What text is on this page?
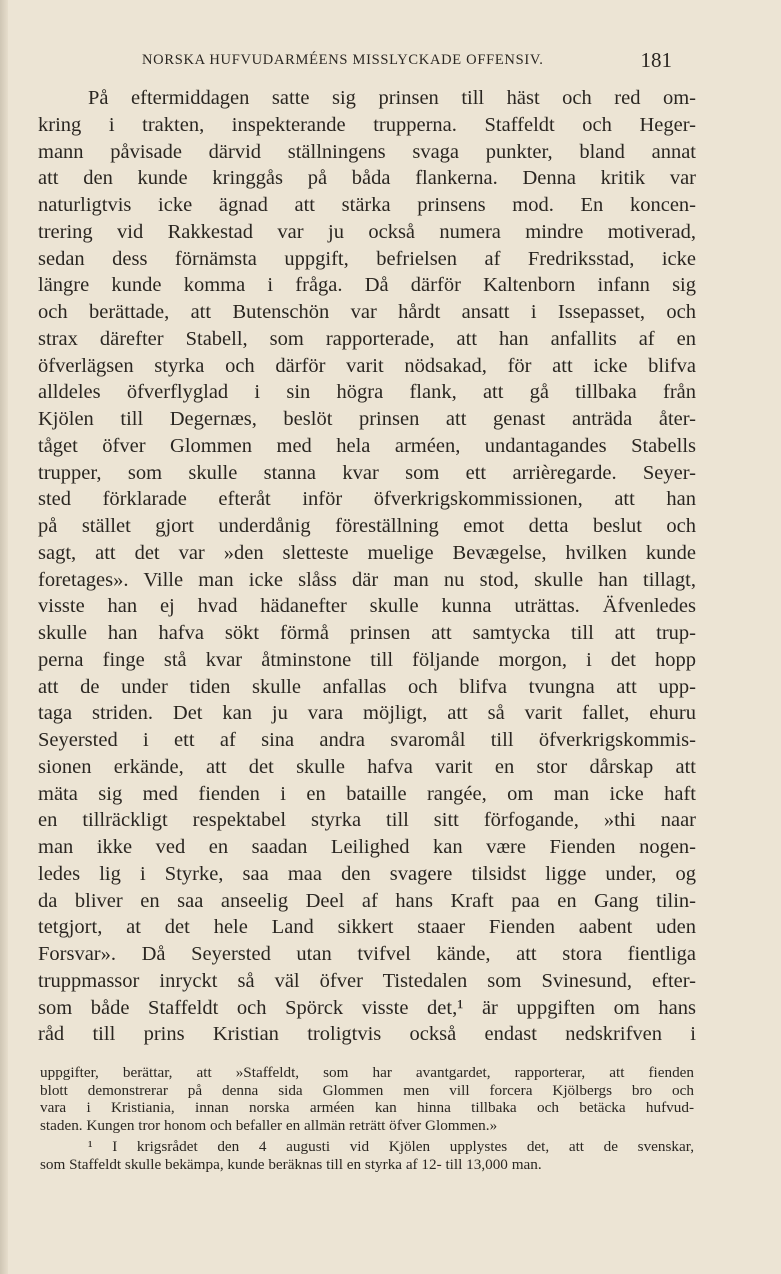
NORSKA HUFVUDARMÉENS MISSLYCKADE OFFENSIV.	181
På eftermiddagen satte sig prinsen till häst och red om-
kring i trakten, inspekterande trupperna. Staffeldt och Heger-
mann påvisade därvid ställningens svaga punkter, bland annat
att den kunde kringgås på båda flankerna. Denna kritik var
naturligtvis icke ägnad att stärka prinsens mod. En koncen-
trering vid Rakkestad var ju också numera mindre motiverad,
sedan dess förnämsta uppgift, befrielsen af Fredriksstad, icke
längre kunde komma i fråga. Då därför Kaltenborn infann sig
och berättade, att Butenschön var hårdt ansatt i Issepasset, och
strax därefter Stabell, som rapporterade, att han anfallits af en
öfverlägsen styrka och därför varit nödsakad, för att icke blifva
alldeles öfverflyglad i sin högra flank, att gå tillbaka från
Kjölen till Degernæs, beslöt prinsen att genast anträda åter-
tåget öfver Glommen med hela arméen, undantagandes Stabells
trupper, som skulle stanna kvar som ett arrièregarde. Seyer-
sted förklarade efteråt inför öfverkrigskommissionen, att han
på stället gjort underdånig föreställning emot detta beslut och
sagt, att det var »den sletteste muelige Bevægelse, hvilken kunde
foretages». Ville man icke slåss där man nu stod, skulle han tillagt,
visste han ej hvad hädanefter skulle kunna uträttas. Äfvenledes
skulle han hafva sökt förmå prinsen att samtycka till att trup-
perna finge stå kvar åtminstone till följande morgon, i det hopp
att de under tiden skulle anfallas och blifva tvungna att upp-
taga striden. Det kan ju vara möjligt, att så varit fallet, ehuru
Seyersted i ett af sina andra svaromål till öfverkrigskommis-
sionen erkände, att det skulle hafva varit en stor dårskap att
mäta sig med fienden i en bataille rangée, om man icke haft
en tillräckligt respektabel styrka till sitt förfogande, »thi naar
man ikke ved en saadan Leilighed kan være Fienden nogen-
ledes lig i Styrke, saa maa den svagere tilsidst ligge under, og
da bliver en saa anseelig Deel af hans Kraft paa en Gang tilin-
tetgjort, at det hele Land sikkert staaer Fienden aabent uden
Forsvar». Då Seyersted utan tvifvel kände, att stora fientliga
truppmassor inryckt så väl öfver Tistedalen som Svinesund, efter-
som både Staffeldt och Spörck visste det,¹ är uppgiften om hans
råd till prins Kristian troligtvis också endast nedskrifven i
uppgifter, berättar, att »Staffeldt, som har avantgardet, rapporterar, att fienden
blott demonstrerar på denna sida Glommen men vill forcera Kjölbergs bro och
vara i Kristiania, innan norska arméen kan hinna tillbaka och betäcka hufvud-
staden. Kungen tror honom och befaller en allmän reträtt öfver Glommen.»
¹ I krigsrådet den 4 augusti vid Kjölen upplystes det, att de svenskar,
som Staffeldt skulle bekämpa, kunde beräknas till en styrka af 12- till 13,000 man.
